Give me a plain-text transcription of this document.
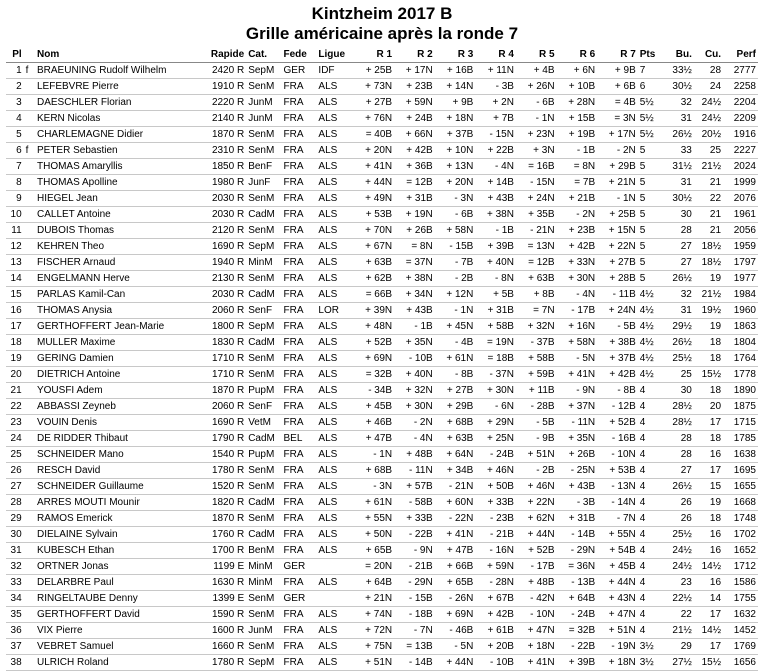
Kintzheim 2017 B
Grille américaine après la ronde 7
Pl		Nom	Rapide	Cat.	Fede	Ligue	R 1	R 2	R 3	R 4	R 5	R 6	R 7	Pts	Bu.	Cu.	Perf
1	f	BRAEUNING Rudolf Wilhelm	2420 R	SepM	GER	IDF	+ 25B	+ 17N	+ 16B	+ 11N	+ 4B	+ 6N	+ 9B	7	33½	28	2777
2		LEFEBVRE Pierre	1910 R	SenM	FRA	ALS	+ 73N	+ 23B	+ 14N	- 3B	+ 26N	+ 10B	+ 6B	6	30½	24	2258
3		DAESCHLER Florian	2220 R	JunM	FRA	ALS	+ 27B	+ 59N	+ 9B	+ 2N	- 6B	+ 28N	= 4B	5½	32	24½	2204
4		KERN Nicolas	2140 R	JunM	FRA	ALS	+ 76N	+ 24B	+ 18N	+ 7B	- 1N	+ 15B	= 3N	5½	31	24½	2209
5		CHARLEMAGNE Didier	1870 R	SenM	FRA	ALS	= 40B	+ 66N	+ 37B	- 15N	+ 23N	+ 19B	+ 17N	5½	26½	20½	1916
6	f	PETER Sebastien	2310 R	SenM	FRA	ALS	+ 20N	+ 42B	+ 10N	+ 22B	+ 3N	- 1B	- 2N	5	33	25	2227
7		THOMAS Amaryllis	1850 R	BenF	FRA	ALS	+ 41N	+ 36B	+ 13N	- 4N	= 16B	= 8N	+ 29B	5	31½	21½	2024
8		THOMAS Apolline	1980 R	JunF	FRA	ALS	+ 44N	= 12B	+ 20N	+ 14B	- 15N	= 7B	+ 21N	5	31	21	1999
9		HIEGEL Jean	2030 R	SenM	FRA	ALS	+ 49N	+ 31B	- 3N	+ 43B	+ 24N	+ 21B	- 1N	5	30½	22	2076
10		CALLET Antoine	2030 R	CadM	FRA	ALS	+ 53B	+ 19N	- 6B	+ 38N	+ 35B	- 2N	+ 25B	5	30	21	1961
11		DUBOIS Thomas	2120 R	SenM	FRA	ALS	+ 70N	+ 26B	+ 58N	- 1B	- 21N	+ 23B	+ 15N	5	28	21	2056
12		KEHREN Theo	1690 R	SepM	FRA	ALS	+ 67N	= 8N	- 15B	+ 39B	= 13N	+ 42B	+ 22N	5	27	18½	1959
13		FISCHER Arnaud	1940 R	MinM	FRA	ALS	+ 63B	= 37N	- 7B	+ 40N	= 12B	+ 33N	+ 27B	5	27	18½	1797
14		ENGELMANN Herve	2130 R	SenM	FRA	ALS	+ 62B	+ 38N	- 2B	- 8N	+ 63B	+ 30N	+ 28B	5	26½	19	1977
15		PARLAS Kamil-Can	2030 R	CadM	FRA	ALS	= 66B	+ 34N	+ 12N	+ 5B	+ 8B	- 4N	- 11B	4½	32	21½	1984
16		THOMAS Anysia	2060 R	SenF	FRA	LOR	+ 39N	+ 43B	- 1N	+ 31B	= 7N	- 17B	+ 24N	4½	31	19½	1960
17		GERTHOFFERT Jean-Marie	1800 R	SepM	FRA	ALS	+ 48N	- 1B	+ 45N	+ 58B	+ 32N	+ 16N	- 5B	4½	29½	19	1863
18		MULLER Maxime	1830 R	CadM	FRA	ALS	+ 52B	+ 35N	- 4B	= 19N	- 37B	+ 58N	+ 38B	4½	26½	18	1804
19		GERING Damien	1710 R	SenM	FRA	ALS	+ 69N	- 10B	+ 61N	= 18B	+ 58B	- 5N	+ 37B	4½	25½	18	1764
20		DIETRICH Antoine	1710 R	SenM	FRA	ALS	= 32B	+ 40N	- 8B	- 37N	+ 59B	+ 41N	+ 42B	4½	25	15½	1778
21		YOUSFI Adem	1870 R	PupM	FRA	ALS	- 34B	+ 32N	+ 27B	+ 30N	+ 11B	- 9N	- 8B	4	30	18	1890
22		ABBASSI Zeyneb	2060 R	SenF	FRA	ALS	+ 45B	+ 30N	+ 29B	- 6N	- 28B	+ 37N	- 12B	4	28½	20	1875
23		VOUIN Denis	1690 R	VetM	FRA	ALS	+ 46B	- 2N	+ 68B	+ 29N	- 5B	- 11N	+ 52B	4	28½	17	1715
24		DE RIDDER Thibaut	1790 R	CadM	BEL	ALS	+ 47B	- 4N	+ 63B	+ 25N	- 9B	+ 35N	- 16B	4	28	18	1785
25		SCHNEIDER Mano	1540 R	PupM	FRA	ALS	- 1N	+ 48B	+ 64N	- 24B	+ 51N	+ 26B	- 10N	4	28	16	1638
26		RESCH David	1780 R	SenM	FRA	ALS	+ 68B	- 11N	+ 34B	+ 46N	- 2B	- 25N	+ 53B	4	27	17	1695
27		SCHNEIDER Guillaume	1520 R	SenM	FRA	ALS	- 3N	+ 57B	- 21N	+ 50B	+ 46N	+ 43B	- 13N	4	26½	15	1655
28		ARRES MOUTI Mounir	1820 R	CadM	FRA	ALS	+ 61N	- 58B	+ 60N	+ 33B	+ 22N	- 3B	- 14N	4	26	19	1668
29		RAMOS Emerick	1870 R	SenM	FRA	ALS	+ 55N	+ 33B	- 22N	- 23B	+ 62N	+ 31B	- 7N	4	26	18	1748
30		DIELAINE Sylvain	1760 R	CadM	FRA	ALS	+ 50N	- 22B	+ 41N	- 21B	+ 44N	- 14B	+ 55N	4	25½	16	1702
31		KUBESCH Ethan	1700 R	BenM	FRA	ALS	+ 65B	- 9N	+ 47B	- 16N	+ 52B	- 29N	+ 54B	4	24½	16	1652
32		ORTNER Jonas	1199 E	MinM	GER		= 20N	- 21B	+ 66B	+ 59N	- 17B	= 36N	+ 45B	4	24½	14½	1712
33		DELARBRE Paul	1630 R	MinM	FRA	ALS	+ 64B	- 29N	+ 65B	- 28N	+ 48B	- 13B	+ 44N	4	23	16	1586
34		RINGELTAUBE Denny	1399 E	SenM	GER		+ 21N	- 15B	- 26N	+ 67B	- 42N	+ 64B	+ 43N	4	22½	14	1755
35		GERTHOFFERT David	1590 R	SenM	FRA	ALS	+ 74N	- 18B	+ 69N	+ 42B	- 10N	- 24B	+ 47N	4	22	17	1632
36		VIX Pierre	1600 R	JunM	FRA	ALS	+ 72N	- 7N	- 46B	+ 61B	+ 47N	= 32B	+ 51N	4	21½	14½	1452
37		VEBRET Samuel	1660 R	SenM	FRA	ALS	+ 75N	= 13B	- 5N	+ 20B	+ 18N	- 22B	- 19N	3½	29	17	1769
38		ULRICH Roland	1780 R	SepM	FRA	ALS	+ 51N	- 14B	+ 44N	- 10B	+ 41N	+ 39B	+ 18N	3½	27½	15½	1656
